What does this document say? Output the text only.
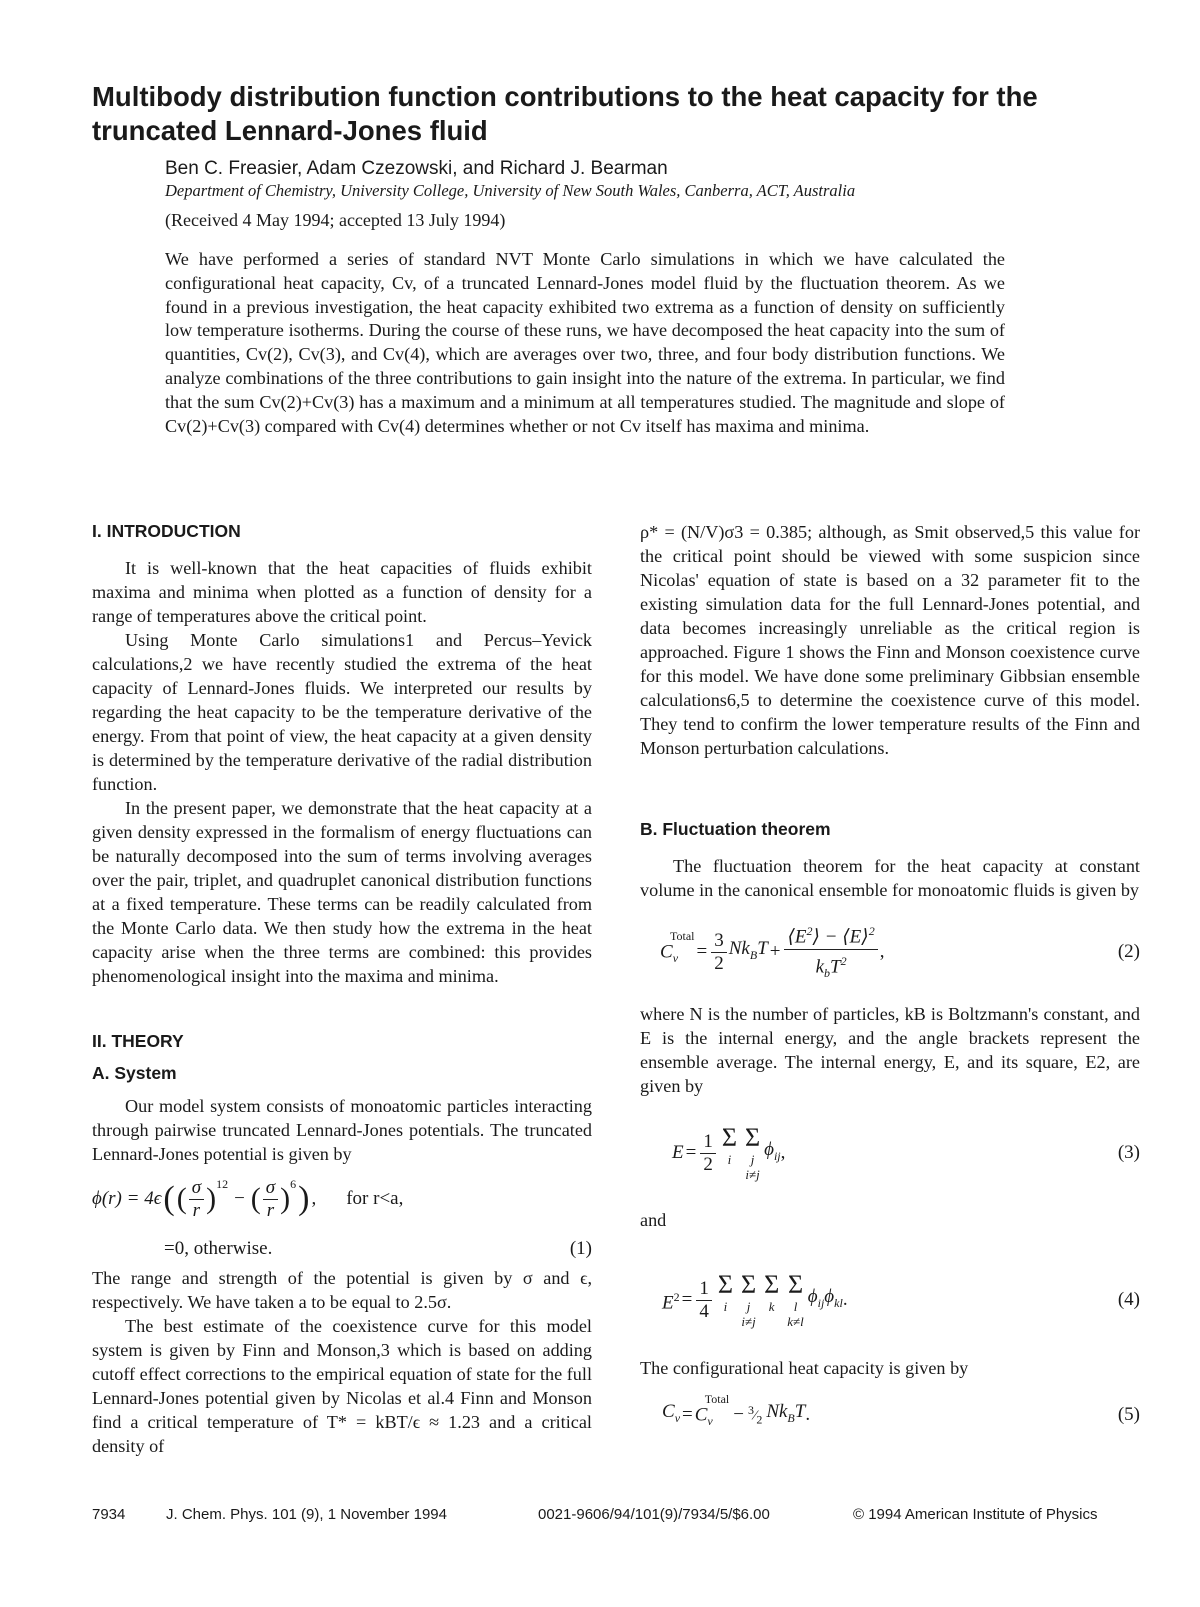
Multibody distribution function contributions to the heat capacity for the truncated Lennard-Jones fluid
Ben C. Freasier, Adam Czezowski, and Richard J. Bearman
Department of Chemistry, University College, University of New South Wales, Canberra, ACT, Australia
(Received 4 May 1994; accepted 13 July 1994)
We have performed a series of standard NVT Monte Carlo simulations in which we have calculated the configurational heat capacity, Cv, of a truncated Lennard-Jones model fluid by the fluctuation theorem. As we found in a previous investigation, the heat capacity exhibited two extrema as a function of density on sufficiently low temperature isotherms. During the course of these runs, we have decomposed the heat capacity into the sum of quantities, Cv(2), Cv(3), and Cv(4), which are averages over two, three, and four body distribution functions. We analyze combinations of the three contributions to gain insight into the nature of the extrema. In particular, we find that the sum Cv(2)+Cv(3) has a maximum and a minimum at all temperatures studied. The magnitude and slope of Cv(2)+Cv(3) compared with Cv(4) determines whether or not Cv itself has maxima and minima.
I. INTRODUCTION

It is well-known that the heat capacities of fluids exhibit maxima and minima when plotted as a function of density for a range of temperatures above the critical point.

Using Monte Carlo simulations1 and Percus–Yevick calculations,2 we have recently studied the extrema of the heat capacity of Lennard-Jones fluids. We interpreted our results by regarding the heat capacity to be the temperature derivative of the energy. From that point of view, the heat capacity at a given density is determined by the temperature derivative of the radial distribution function.

In the present paper, we demonstrate that the heat capacity at a given density expressed in the formalism of energy fluctuations can be naturally decomposed into the sum of terms involving averages over the pair, triplet, and quadruplet canonical distribution functions at a fixed temperature. These terms can be readily calculated from the Monte Carlo data. We then study how the extrema in the heat capacity arise when the three terms are combined: this provides phenomenological insight into the maxima and minima.

II. THEORY
A. System

Our model system consists of monoatomic particles interacting through pairwise truncated Lennard-Jones potentials. The truncated Lennard-Jones potential is given by

ϕ(r) = 4ϵ ( ( $\frac{\sigma}{r} )^{12}$
− ( $\frac{\sigma}{r} )^6$ ) , for r<a,
=0, otherwise.	(1)

The range and strength of the potential is given by σ and ϵ, respectively. We have taken a to be equal to 2.5σ.

The best estimate of the coexistence curve for this model system is given by Finn and Monson,3 which is based on adding cutoff effect corrections to the empirical equation of state for the full Lennard-Jones potential given by Nicolas et al.4 Finn and Monson find a critical temperature of T* = kBT/ϵ ≈ 1.23 and a critical density of

ρ* = (N/V)σ3 = 0.385; although, as Smit observed,5 this value for the critical point should be viewed with some suspicion since Nicolas' equation of state is based on a 32 parameter fit to the existing simulation data for the full Lennard-Jones potential, and data becomes increasingly unreliable as the critical region is approached. Figure 1 shows the Finn and Monson coexistence curve for this model. We have done some preliminary Gibbsian ensemble calculations6,5 to determine the coexistence curve of this model. They tend to confirm the lower temperature results of the Finn and Monson perturbation calculations.

B. Fluctuation theorem

The fluctuation theorem for the heat capacity at constant volume in the canonical ensemble for monoatomic fluids is given by

$C_v^{Total}$
= $\frac{3}{2} Nk_BT + \frac{⟨E^2⟩ - ⟨E⟩^2}{k_bT^2}$ ,	(2)

where N is the number of particles, kB is Boltzmann's constant, and E is the internal energy, and the angle brackets represent the ensemble average. The internal energy, E, and its square, E2, are given by

$E = \frac{1}{2}$ Σ
i

Σ
j
i≠j
$\phi_{ij}$ ,	(3)
and
$E^2 = \frac{1}{4}$ Σ
i

Σ
j
i≠j
Σ
k

Σ
l
k≠l
$\phi_{ij}\phi_{kl}$ .	(4)

The configurational heat capacity is given by

$C_v = C_v^{Total}$
− $^3⁄_2$ $Nk_BT$ .	(5)
7934	J. Chem. Phys. 101 (9), 1 November 1994	0021-9606/94/101(9)/7934/5/$6.00	© 1994 American Institute of Physics
